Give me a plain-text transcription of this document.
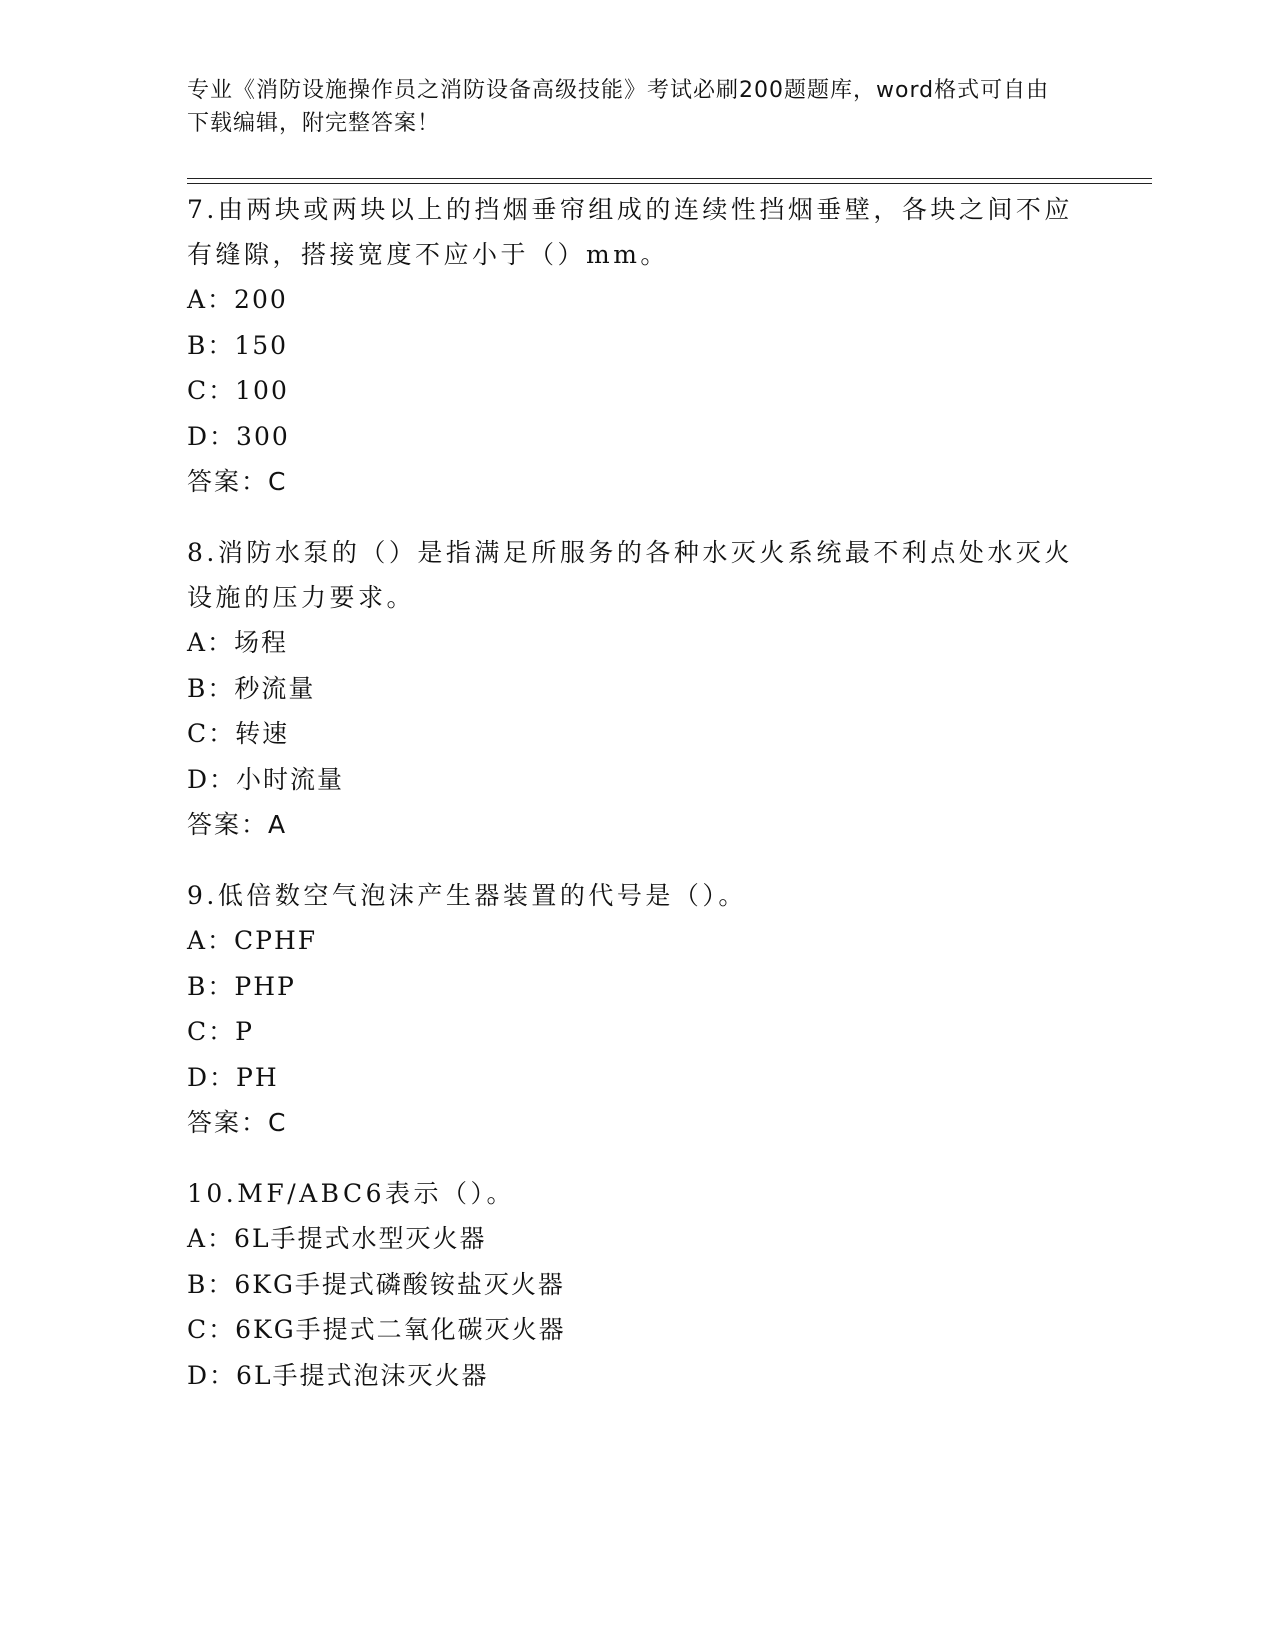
专业《消防设施操作员之消防设备高级技能》考试必刷200题题库，word格式可自由下载编辑，附完整答案！

7.由两块或两块以上的挡烟垂帘组成的连续性挡烟垂壁，各块之间不应有缝隙，搭接宽度不应小于（）mm。

A：200

B：150

C：100

D：300

答案：C

8.消防水泵的（）是指满足所服务的各种水灭火系统最不利点处水灭火设施的压力要求。

A：场程

B：秒流量

C：转速

D：小时流量

答案：A

9.低倍数空气泡沫产生器装置的代号是（）。

A：CPHF

B：PHP

C：P

D：PH

答案：C

10.MF/ABC6表示（）。

A：6L手提式水型灭火器

B：6KG手提式磷酸铵盐灭火器

C：6KG手提式二氧化碳灭火器

D：6L手提式泡沫灭火器
